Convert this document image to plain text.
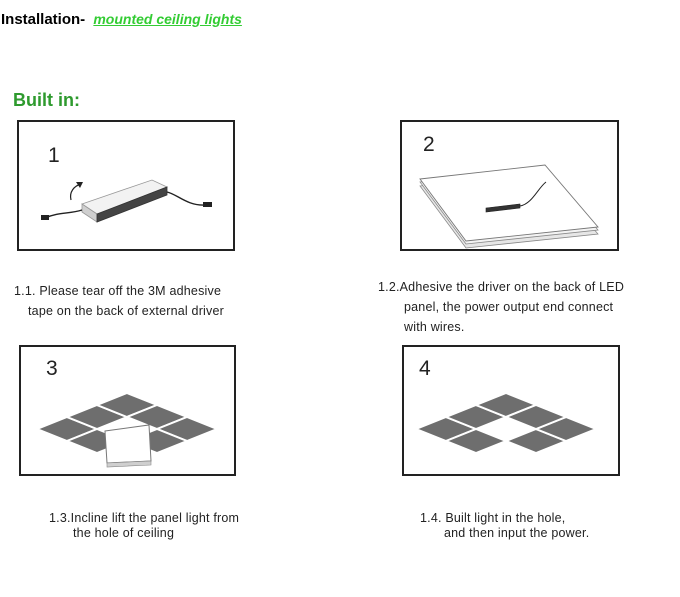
Installation- mounted ceiling lights
Built in:
1
1.1. Please tear off the 3M adhesive
tape on the back of external driver
2
1.2.Adhesive the driver on the back of LED
panel, the power output end connect
with wires.
3
1.3.Incline lift the panel light from
the hole of ceiling
4
1.4. Built light in the hole,
and then input the power.
